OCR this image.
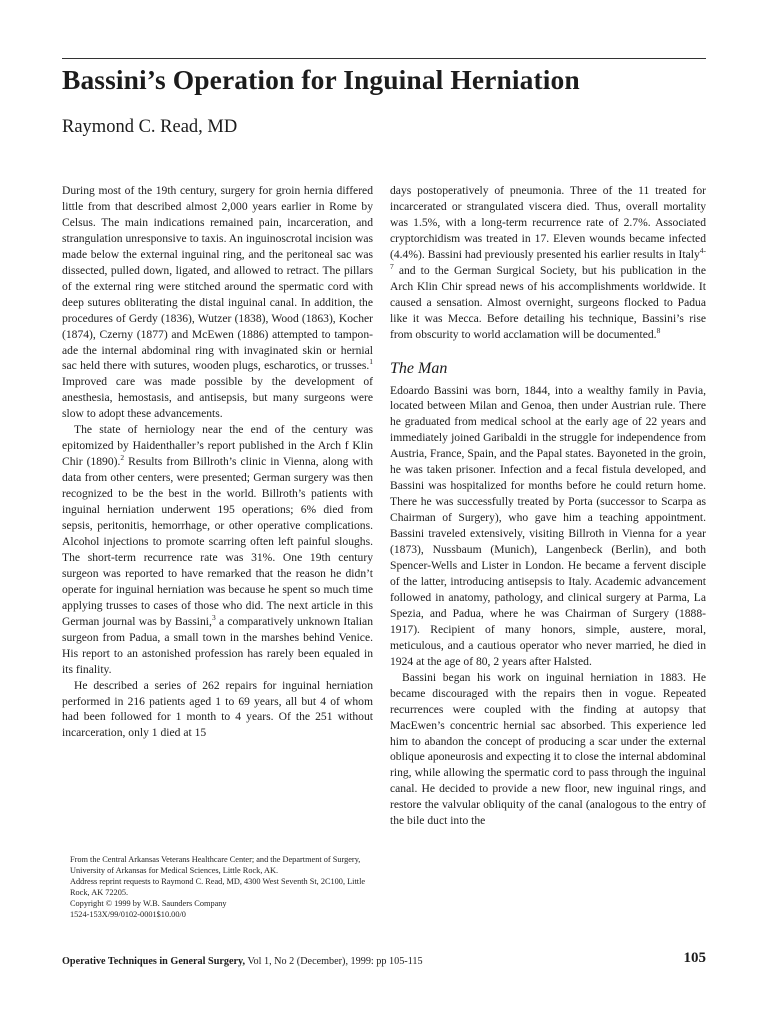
Bassini’s Operation for Inguinal Herniation
Raymond C. Read, MD

During most of the 19th century, surgery for groin hernia differed little from that described almost 2,000 years earlier in Rome by Celsus. The main indications remained pain, incarceration, and strangulation unresponsive to taxis. An inguinoscrotal incision was made below the external inguinal ring, and the peritoneal sac was dissected, pulled down, ligated, and allowed to retract. The pillars of the external ring were stitched around the spermatic cord with deep sutures obliterating the distal inguinal canal. In addition, the procedures of Gerdy (1836), Wutzer (1838), Wood (1863), Kocher (1874), Czerny (1877) and McEwen (1886) attempted to tamponade the internal abdominal ring with invaginated skin or hernial sac held there with sutures, wooden plugs, escharotics, or trusses.$^1$ Improved care was made possible by the development of anesthesia, hemostasis, and antisepsis, but many surgeons were slow to adopt these advancements.

The state of herniology near the end of the century was epitomized by Haidenthaller’s report published in the Arch f Klin Chir (1890).$^2$ Results from Billroth’s clinic in Vienna, along with data from other centers, were presented; German surgery was then recognized to be the best in the world. Billroth’s patients with inguinal herniation underwent 195 operations; 6% died from sepsis, peritonitis, hemorrhage, or other operative complications. Alcohol injections to promote scarring often left painful sloughs. The short-term recurrence rate was 31%. One 19th century surgeon was reported to have remarked that the reason he didn’t operate for inguinal herniation was because he spent so much time applying trusses to cases of those who did. The next article in this German journal was by Bassini,$^3$ a comparatively unknown Italian surgeon from Padua, a small town in the marshes behind Venice. His report to an astonished profession has rarely been equaled in its finality.

He described a series of 262 repairs for inguinal herniation performed in 216 patients aged 1 to 69 years, all but 4 of whom had been followed for 1 month to 4 years. Of the 251 without incarceration, only 1 died at 15

From the Central Arkansas Veterans Healthcare Center; and the Department of Surgery, University of Arkansas for Medical Sciences, Little Rock, AK.
Address reprint requests to Raymond C. Read, MD, 4300 West Seventh St, 2C100, Little Rock, AK 72205.
Copyright © 1999 by W.B. Saunders Company
1524-153X/99/0102-0001$10.00/0

days postoperatively of pneumonia. Three of the 11 treated for incarcerated or strangulated viscera died. Thus, overall mortality was 1.5%, with a long-term recurrence rate of 2.7%. Associated cryptorchidism was treated in 17. Eleven wounds became infected (4.4%). Bassini had previously presented his earlier results in Italy$^{4-7}$ and to the German Surgical Society, but his publication in the Arch Klin Chir spread news of his accomplishments worldwide. It caused a sensation. Almost overnight, surgeons flocked to Padua like it was Mecca. Before detailing his technique, Bassini’s rise from obscurity to world acclamation will be documented.$^8$

The Man

Edoardo Bassini was born, 1844, into a wealthy family in Pavia, located between Milan and Genoa, then under Austrian rule. There he graduated from medical school at the early age of 22 years and immediately joined Garibaldi in the struggle for independence from Austria, France, Spain, and the Papal states. Bayoneted in the groin, he was taken prisoner. Infection and a fecal fistula developed, and Bassini was hospitalized for months before he could return home. There he was successfully treated by Porta (successor to Scarpa as Chairman of Surgery), who gave him a teaching appointment. Bassini traveled extensively, visiting Billroth in Vienna for a year (1873), Nussbaum (Munich), Langenbeck (Berlin), and both Spencer-Wells and Lister in London. He became a fervent disciple of the latter, introducing antisepsis to Italy. Academic advancement followed in anatomy, pathology, and clinical surgery at Parma, La Spezia, and Padua, where he was Chairman of Surgery (1888-1917). Recipient of many honors, simple, austere, moral, meticulous, and a cautious operator who never married, he died in 1924 at the age of 80, 2 years after Halsted.

Bassini began his work on inguinal herniation in 1883. He became discouraged with the repairs then in vogue. Repeated recurrences were coupled with the finding at autopsy that MacEwen’s concentric hernial sac absorbed. This experience led him to abandon the concept of producing a scar under the external oblique aponeurosis and expecting it to close the internal abdominal ring, while allowing the spermatic cord to pass through the inguinal canal. He decided to provide a new floor, new inguinal rings, and restore the valvular obliquity of the canal (analogous to the entry of the bile duct into the

Operative Techniques in General Surgery, Vol 1, No 2 (December), 1999: pp 105-115	105
